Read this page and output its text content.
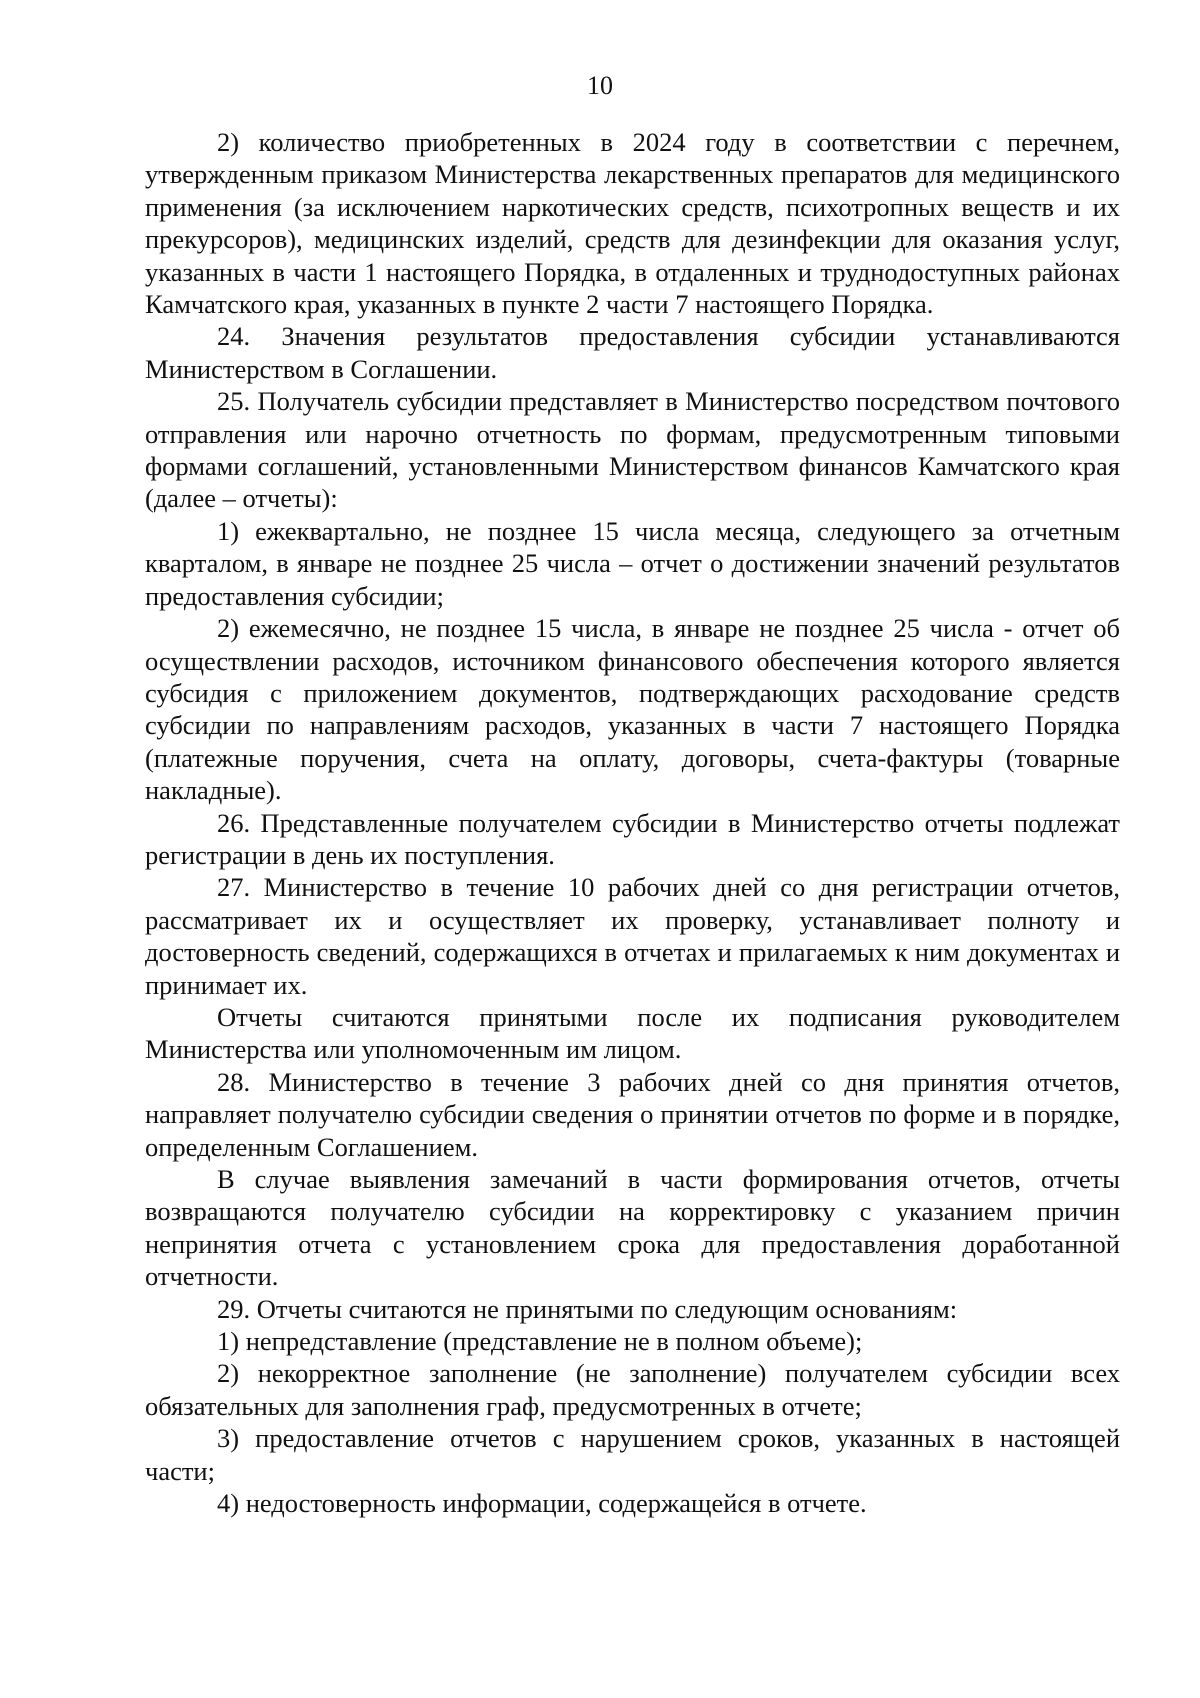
10

2) количество приобретенных в 2024 году в соответствии с перечнем, утвержденным приказом Министерства лекарственных препаратов для медицинского применения (за исключением наркотических средств, психотропных веществ и их прекурсоров), медицинских изделий, средств для дезинфекции для оказания услуг, указанных в части 1 настоящего Порядка, в отдаленных и труднодоступных районах Камчатского края, указанных в пункте 2 части 7 настоящего Порядка.

24. Значения результатов предоставления субсидии устанавливаются Министерством в Соглашении.

25. Получатель субсидии представляет в Министерство посредством почтового отправления или нарочно отчетность по формам, предусмотренным типовыми формами соглашений, установленными Министерством финансов Камчатского края (далее – отчеты):

1) ежеквартально, не позднее 15 числа месяца, следующего за отчетным кварталом, в январе не позднее 25 числа – отчет о достижении значений результатов предоставления субсидии;

2) ежемесячно, не позднее 15 числа, в январе не позднее 25 числа - отчет об осуществлении расходов, источником финансового обеспечения которого является субсидия с приложением документов, подтверждающих расходование средств субсидии по направлениям расходов, указанных в части 7 настоящего Порядка (платежные поручения, счета на оплату, договоры, счета-фактуры (товарные накладные).

26. Представленные получателем субсидии в Министерство отчеты подлежат регистрации в день их поступления.

27. Министерство в течение 10 рабочих дней со дня регистрации отчетов, рассматривает их и осуществляет их проверку, устанавливает полноту и достоверность сведений, содержащихся в отчетах и прилагаемых к ним документах и принимает их.

Отчеты считаются принятыми после их подписания руководителем Министерства или уполномоченным им лицом.

28. Министерство в течение 3 рабочих дней со дня принятия отчетов, направляет получателю субсидии сведения о принятии отчетов по форме и в порядке, определенным Соглашением.

В случае выявления замечаний в части формирования отчетов, отчеты возвращаются получателю субсидии на корректировку с указанием причин непринятия отчета с установлением срока для предоставления доработанной отчетности.

29. Отчеты считаются не принятыми по следующим основаниям:

1) непредставление (представление не в полном объеме);

2) некорректное заполнение (не заполнение) получателем субсидии всех обязательных для заполнения граф, предусмотренных в отчете;

3) предоставление отчетов с нарушением сроков, указанных в настоящей части;

4) недостоверность информации, содержащейся в отчете.
